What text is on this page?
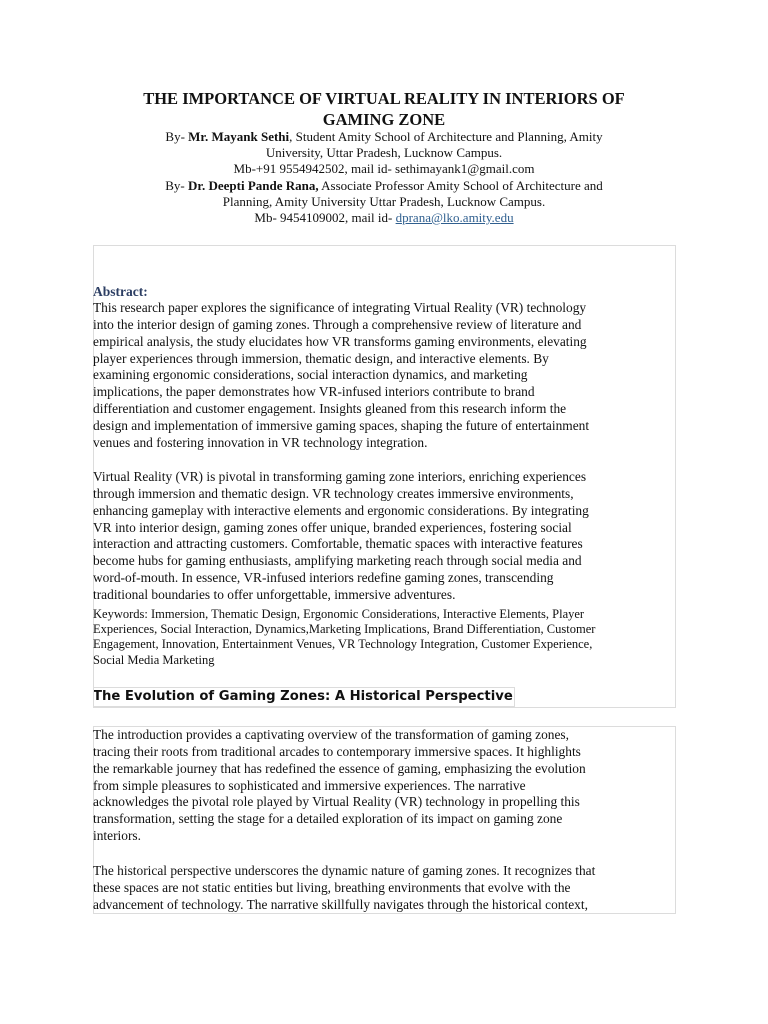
THE IMPORTANCE OF VIRTUAL REALITY IN INTERIORS OF
GAMING ZONE
By- Mr. Mayank Sethi, Student Amity School of Architecture and Planning, Amity
University, Uttar Pradesh, Lucknow Campus.
Mb-+91 9554942502, mail id- sethimayank1@gmail.com
By- Dr. Deepti Pande Rana, Associate Professor Amity School of Architecture and
Planning, Amity University Uttar Pradesh, Lucknow Campus.
Mb- 9454109002, mail id- dprana@lko.amity.edu
Abstract:

This research paper explores the significance of integrating Virtual Reality (VR) technology
into the interior design of gaming zones. Through a comprehensive review of literature and
empirical analysis, the study elucidates how VR transforms gaming environments, elevating
player experiences through immersion, thematic design, and interactive elements. By
examining ergonomic considerations, social interaction dynamics, and marketing
implications, the paper demonstrates how VR-infused interiors contribute to brand
differentiation and customer engagement. Insights gleaned from this research inform the
design and implementation of immersive gaming spaces, shaping the future of entertainment
venues and fostering innovation in VR technology integration.

Virtual Reality (VR) is pivotal in transforming gaming zone interiors, enriching experiences
through immersion and thematic design. VR technology creates immersive environments,
enhancing gameplay with interactive elements and ergonomic considerations. By integrating
VR into interior design, gaming zones offer unique, branded experiences, fostering social
interaction and attracting customers. Comfortable, thematic spaces with interactive features
become hubs for gaming enthusiasts, amplifying marketing reach through social media and
word-of-mouth. In essence, VR-infused interiors redefine gaming zones, transcending
traditional boundaries to offer unforgettable, immersive adventures.

Keywords: Immersion, Thematic Design, Ergonomic Considerations, Interactive Elements, Player
Experiences, Social Interaction, Dynamics,Marketing Implications, Brand Differentiation, Customer
Engagement, Innovation, Entertainment Venues, VR Technology Integration, Customer Experience,
Social Media Marketing

The Evolution of Gaming Zones: A Historical Perspective

The introduction provides a captivating overview of the transformation of gaming zones,
tracing their roots from traditional arcades to contemporary immersive spaces. It highlights
the remarkable journey that has redefined the essence of gaming, emphasizing the evolution
from simple pleasures to sophisticated and immersive experiences. The narrative
acknowledges the pivotal role played by Virtual Reality (VR) technology in propelling this
transformation, setting the stage for a detailed exploration of its impact on gaming zone
interiors.

The historical perspective underscores the dynamic nature of gaming zones. It recognizes that
these spaces are not static entities but living, breathing environments that evolve with the
advancement of technology. The narrative skillfully navigates through the historical context,
